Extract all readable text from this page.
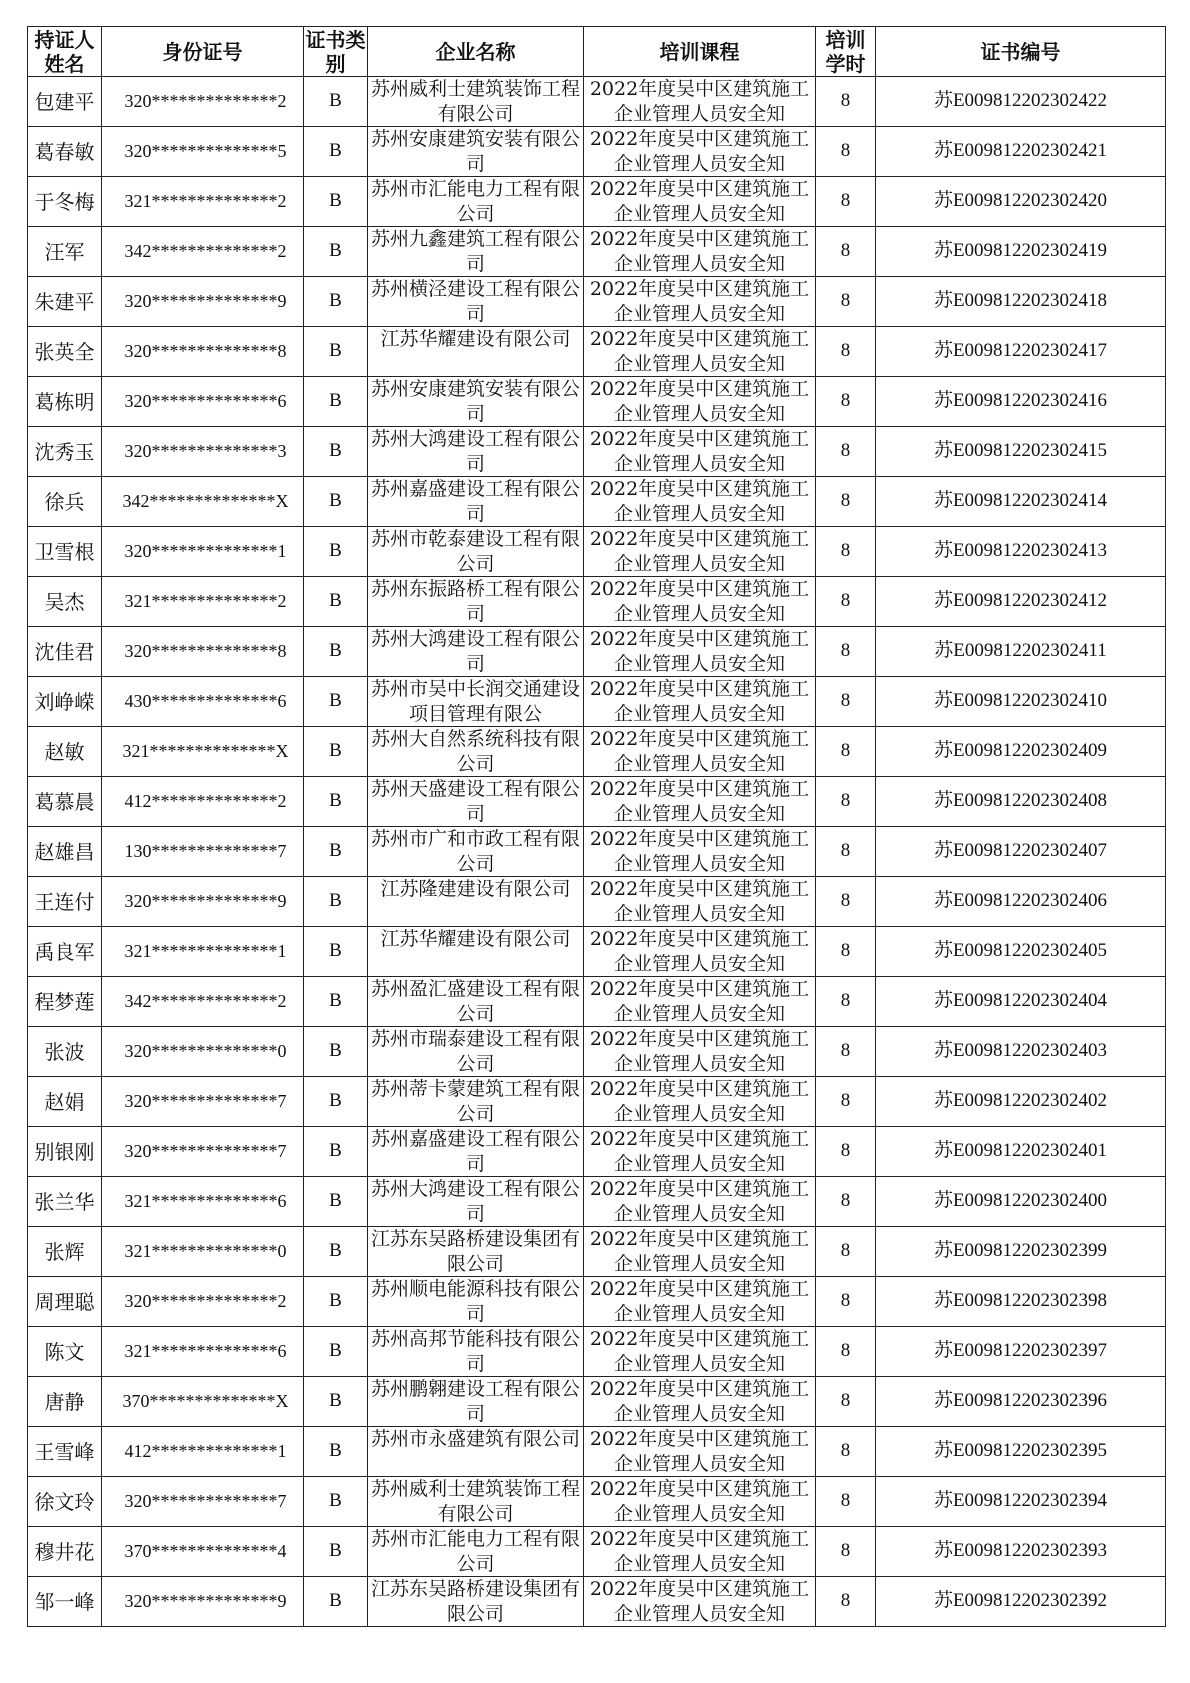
持证人姓名	身份证号	证书类别	企业名称	培训课程	培训学时	证书编号
包建平	320**************2	B	苏州威利士建筑装饰工程有限公司	2022年度吴中区建筑施工企业管理人员安全知	8	苏E009812202302422
葛春敏	320**************5	B	苏州安康建筑安装有限公司	2022年度吴中区建筑施工企业管理人员安全知	8	苏E009812202302421
于冬梅	321**************2	B	苏州市汇能电力工程有限公司	2022年度吴中区建筑施工企业管理人员安全知	8	苏E009812202302420
汪军	342**************2	B	苏州九鑫建筑工程有限公司	2022年度吴中区建筑施工企业管理人员安全知	8	苏E009812202302419
朱建平	320**************9	B	苏州横泾建设工程有限公司	2022年度吴中区建筑施工企业管理人员安全知	8	苏E009812202302418
张英全	320**************8	B	江苏华耀建设有限公司	2022年度吴中区建筑施工企业管理人员安全知	8	苏E009812202302417
葛栋明	320**************6	B	苏州安康建筑安装有限公司	2022年度吴中区建筑施工企业管理人员安全知	8	苏E009812202302416
沈秀玉	320**************3	B	苏州大鸿建设工程有限公司	2022年度吴中区建筑施工企业管理人员安全知	8	苏E009812202302415
徐兵	342**************X	B	苏州嘉盛建设工程有限公司	2022年度吴中区建筑施工企业管理人员安全知	8	苏E009812202302414
卫雪根	320**************1	B	苏州市乾泰建设工程有限公司	2022年度吴中区建筑施工企业管理人员安全知	8	苏E009812202302413
吴杰	321**************2	B	苏州东振路桥工程有限公司	2022年度吴中区建筑施工企业管理人员安全知	8	苏E009812202302412
沈佳君	320**************8	B	苏州大鸿建设工程有限公司	2022年度吴中区建筑施工企业管理人员安全知	8	苏E009812202302411
刘峥嵘	430**************6	B	苏州市吴中长润交通建设项目管理有限公	2022年度吴中区建筑施工企业管理人员安全知	8	苏E009812202302410
赵敏	321**************X	B	苏州大自然系统科技有限公司	2022年度吴中区建筑施工企业管理人员安全知	8	苏E009812202302409
葛慕晨	412**************2	B	苏州天盛建设工程有限公司	2022年度吴中区建筑施工企业管理人员安全知	8	苏E009812202302408
赵雄昌	130**************7	B	苏州市广和市政工程有限公司	2022年度吴中区建筑施工企业管理人员安全知	8	苏E009812202302407
王连付	320**************9	B	江苏隆建建设有限公司	2022年度吴中区建筑施工企业管理人员安全知	8	苏E009812202302406
禹良军	321**************1	B	江苏华耀建设有限公司	2022年度吴中区建筑施工企业管理人员安全知	8	苏E009812202302405
程梦莲	342**************2	B	苏州盈汇盛建设工程有限公司	2022年度吴中区建筑施工企业管理人员安全知	8	苏E009812202302404
张波	320**************0	B	苏州市瑞泰建设工程有限公司	2022年度吴中区建筑施工企业管理人员安全知	8	苏E009812202302403
赵娟	320**************7	B	苏州蒂卡蒙建筑工程有限公司	2022年度吴中区建筑施工企业管理人员安全知	8	苏E009812202302402
别银刚	320**************7	B	苏州嘉盛建设工程有限公司	2022年度吴中区建筑施工企业管理人员安全知	8	苏E009812202302401
张兰华	321**************6	B	苏州大鸿建设工程有限公司	2022年度吴中区建筑施工企业管理人员安全知	8	苏E009812202302400
张辉	321**************0	B	江苏东吴路桥建设集团有限公司	2022年度吴中区建筑施工企业管理人员安全知	8	苏E009812202302399
周理聪	320**************2	B	苏州顺电能源科技有限公司	2022年度吴中区建筑施工企业管理人员安全知	8	苏E009812202302398
陈文	321**************6	B	苏州高邦节能科技有限公司	2022年度吴中区建筑施工企业管理人员安全知	8	苏E009812202302397
唐静	370**************X	B	苏州鹏翱建设工程有限公司	2022年度吴中区建筑施工企业管理人员安全知	8	苏E009812202302396
王雪峰	412**************1	B	苏州市永盛建筑有限公司	2022年度吴中区建筑施工企业管理人员安全知	8	苏E009812202302395
徐文玲	320**************7	B	苏州威利士建筑装饰工程有限公司	2022年度吴中区建筑施工企业管理人员安全知	8	苏E009812202302394
穆井花	370**************4	B	苏州市汇能电力工程有限公司	2022年度吴中区建筑施工企业管理人员安全知	8	苏E009812202302393
邹一峰	320**************9	B	江苏东吴路桥建设集团有限公司	2022年度吴中区建筑施工企业管理人员安全知	8	苏E009812202302392
